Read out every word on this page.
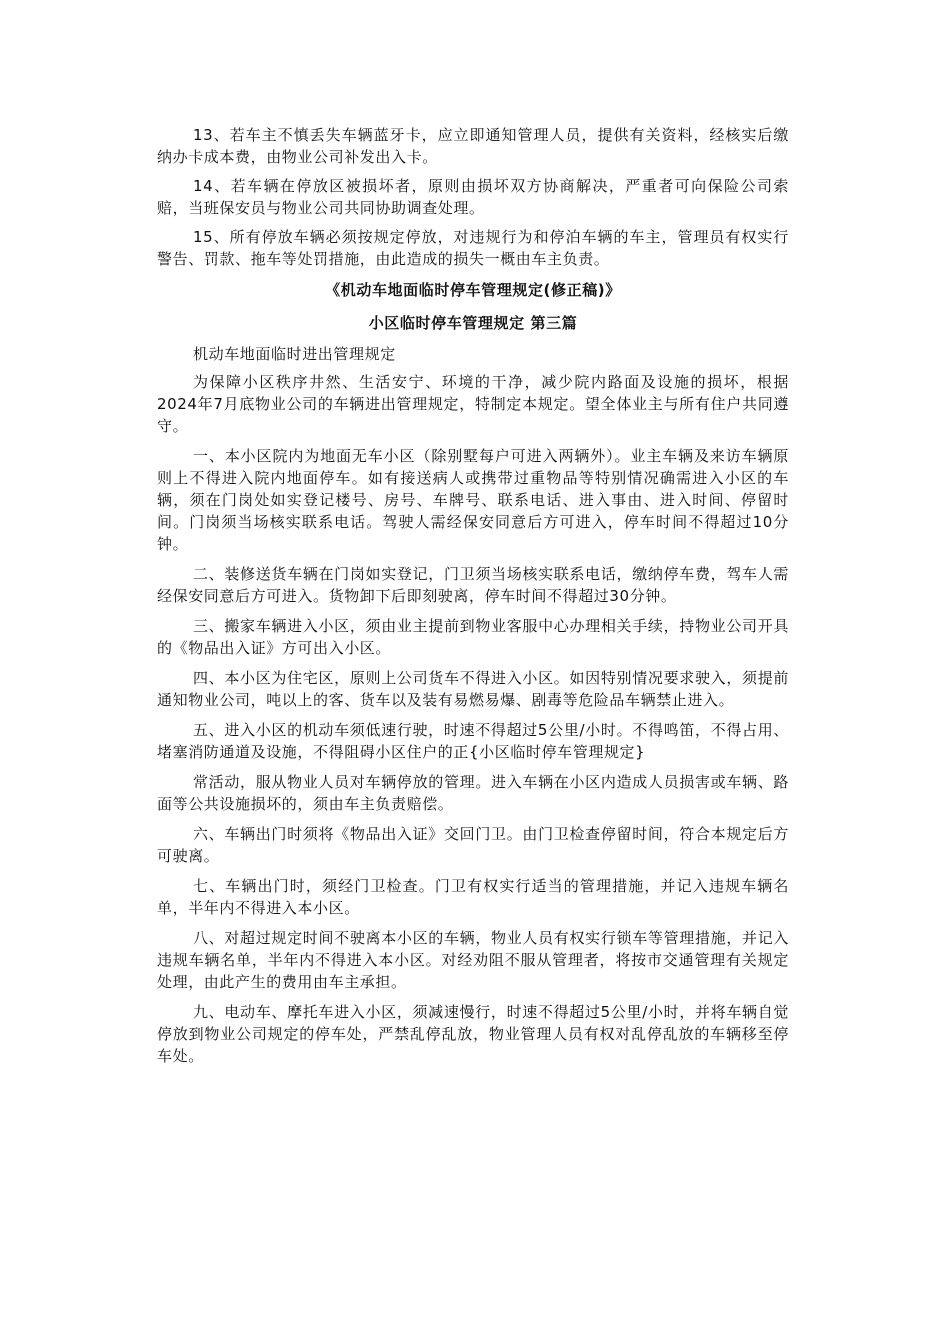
13、若车主不慎丢失车辆蓝牙卡，应立即通知管理人员，提供有关资料，经核实后缴纳办卡成本费，由物业公司补发出入卡。

14、若车辆在停放区被损坏者，原则由损坏双方协商解决，严重者可向保险公司索赔，当班保安员与物业公司共同协助调查处理。

15、所有停放车辆必须按规定停放，对违规行为和停泊车辆的车主，管理员有权实行警告、罚款、拖车等处罚措施，由此造成的损失一概由车主负责。

《机动车地面临时停车管理规定(修正稿)》

小区临时停车管理规定 第三篇

机动车地面临时进出管理规定

为保障小区秩序井然、生活安宁、环境的干净，减少院内路面及设施的损坏，根据2024年7月底物业公司的车辆进出管理规定，特制定本规定。望全体业主与所有住户共同遵守。

一、本小区院内为地面无车小区（除别墅每户可进入两辆外）。业主车辆及来访车辆原则上不得进入院内地面停车。如有接送病人或携带过重物品等特别情况确需进入小区的车辆，须在门岗处如实登记楼号、房号、车牌号、联系电话、进入事由、进入时间、停留时间。门岗须当场核实联系电话。驾驶人需经保安同意后方可进入，停车时间不得超过10分钟。

二、装修送货车辆在门岗如实登记，门卫须当场核实联系电话，缴纳停车费，驾车人需经保安同意后方可进入。货物卸下后即刻驶离，停车时间不得超过30分钟。

三、搬家车辆进入小区，须由业主提前到物业客服中心办理相关手续，持物业公司开具的《物品出入证》方可出入小区。

四、本小区为住宅区，原则上公司货车不得进入小区。如因特别情况要求驶入，须提前通知物业公司，吨以上的客、货车以及装有易燃易爆、剧毒等危险品车辆禁止进入。

五、进入小区的机动车须低速行驶，时速不得超过5公里/小时。不得鸣笛，不得占用、堵塞消防通道及设施，不得阻碍小区住户的正{小区临时停车管理规定}

常活动，服从物业人员对车辆停放的管理。进入车辆在小区内造成人员损害或车辆、路面等公共设施损坏的，须由车主负责赔偿。

六、车辆出门时须将《物品出入证》交回门卫。由门卫检查停留时间，符合本规定后方可驶离。

七、车辆出门时，须经门卫检查。门卫有权实行适当的管理措施，并记入违规车辆名单，半年内不得进入本小区。

八、对超过规定时间不驶离本小区的车辆，物业人员有权实行锁车等管理措施，并记入违规车辆名单，半年内不得进入本小区。对经劝阻不服从管理者，将按市交通管理有关规定处理，由此产生的费用由车主承担。

九、电动车、摩托车进入小区，须减速慢行，时速不得超过5公里/小时，并将车辆自觉停放到物业公司规定的停车处，严禁乱停乱放，物业管理人员有权对乱停乱放的车辆移至停车处。
